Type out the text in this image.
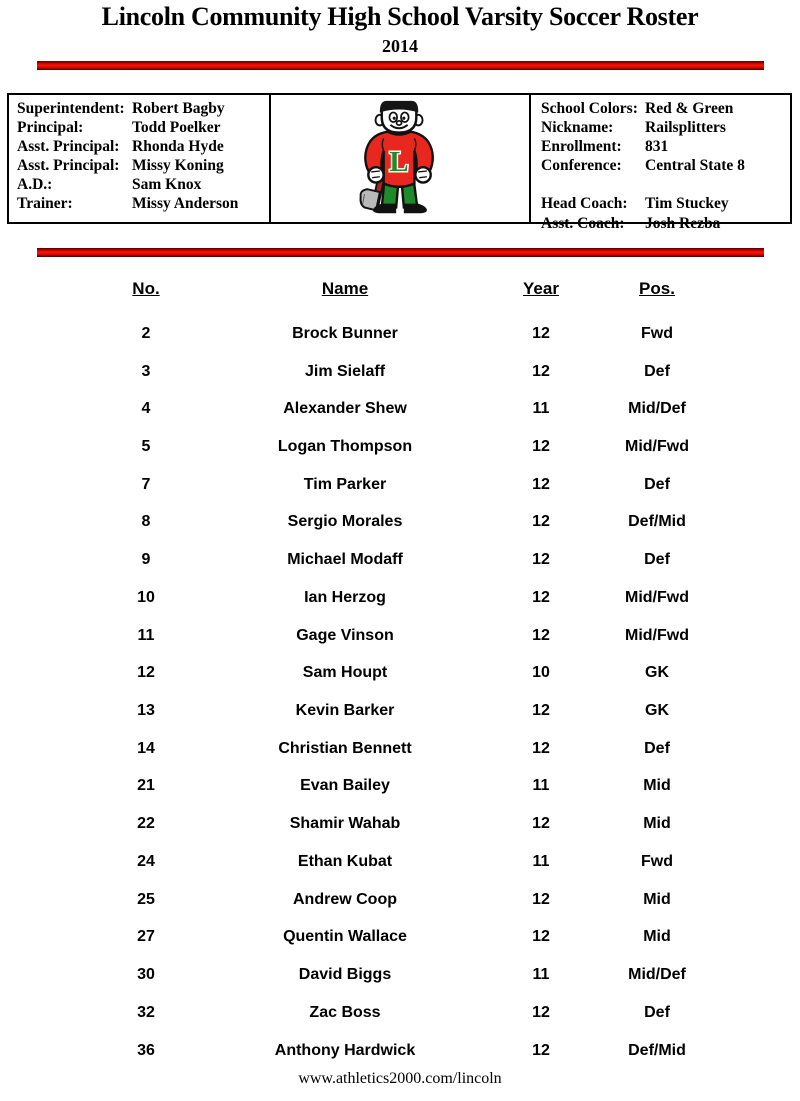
Lincoln Community High School Varsity Soccer Roster
2014
Superintendent: Robert Bagby
Principal:	Todd Poelker
Asst. Principal: Rhonda Hyde
Asst. Principal: Missy Koning
A.D.:	Sam Knox
Trainer:	Missy Anderson
L
School Colors: Red & Green
Nickname:	Railsplitters
Enrollment:	831
Conference:	Central State 8

Head Coach:	Tim Stuckey
Asst. Coach:	Josh Rezba
No.	Name	Year	Pos.
2	Brock Bunner	12	Fwd
3	Jim Sielaff	12	Def
4	Alexander Shew	11	Mid/Def
5	Logan Thompson	12	Mid/Fwd
7	Tim Parker	12	Def
8	Sergio Morales	12	Def/Mid
9	Michael Modaff	12	Def
10	Ian Herzog	12	Mid/Fwd
11	Gage Vinson	12	Mid/Fwd
12	Sam Houpt	10	GK
13	Kevin Barker	12	GK
14	Christian Bennett	12	Def
21	Evan Bailey	11	Mid
22	Shamir Wahab	12	Mid
24	Ethan Kubat	11	Fwd
25	Andrew Coop	12	Mid
27	Quentin Wallace	12	Mid
30	David Biggs	11	Mid/Def
32	Zac Boss	12	Def
36	Anthony Hardwick	12	Def/Mid
www.athletics2000.com/lincoln
